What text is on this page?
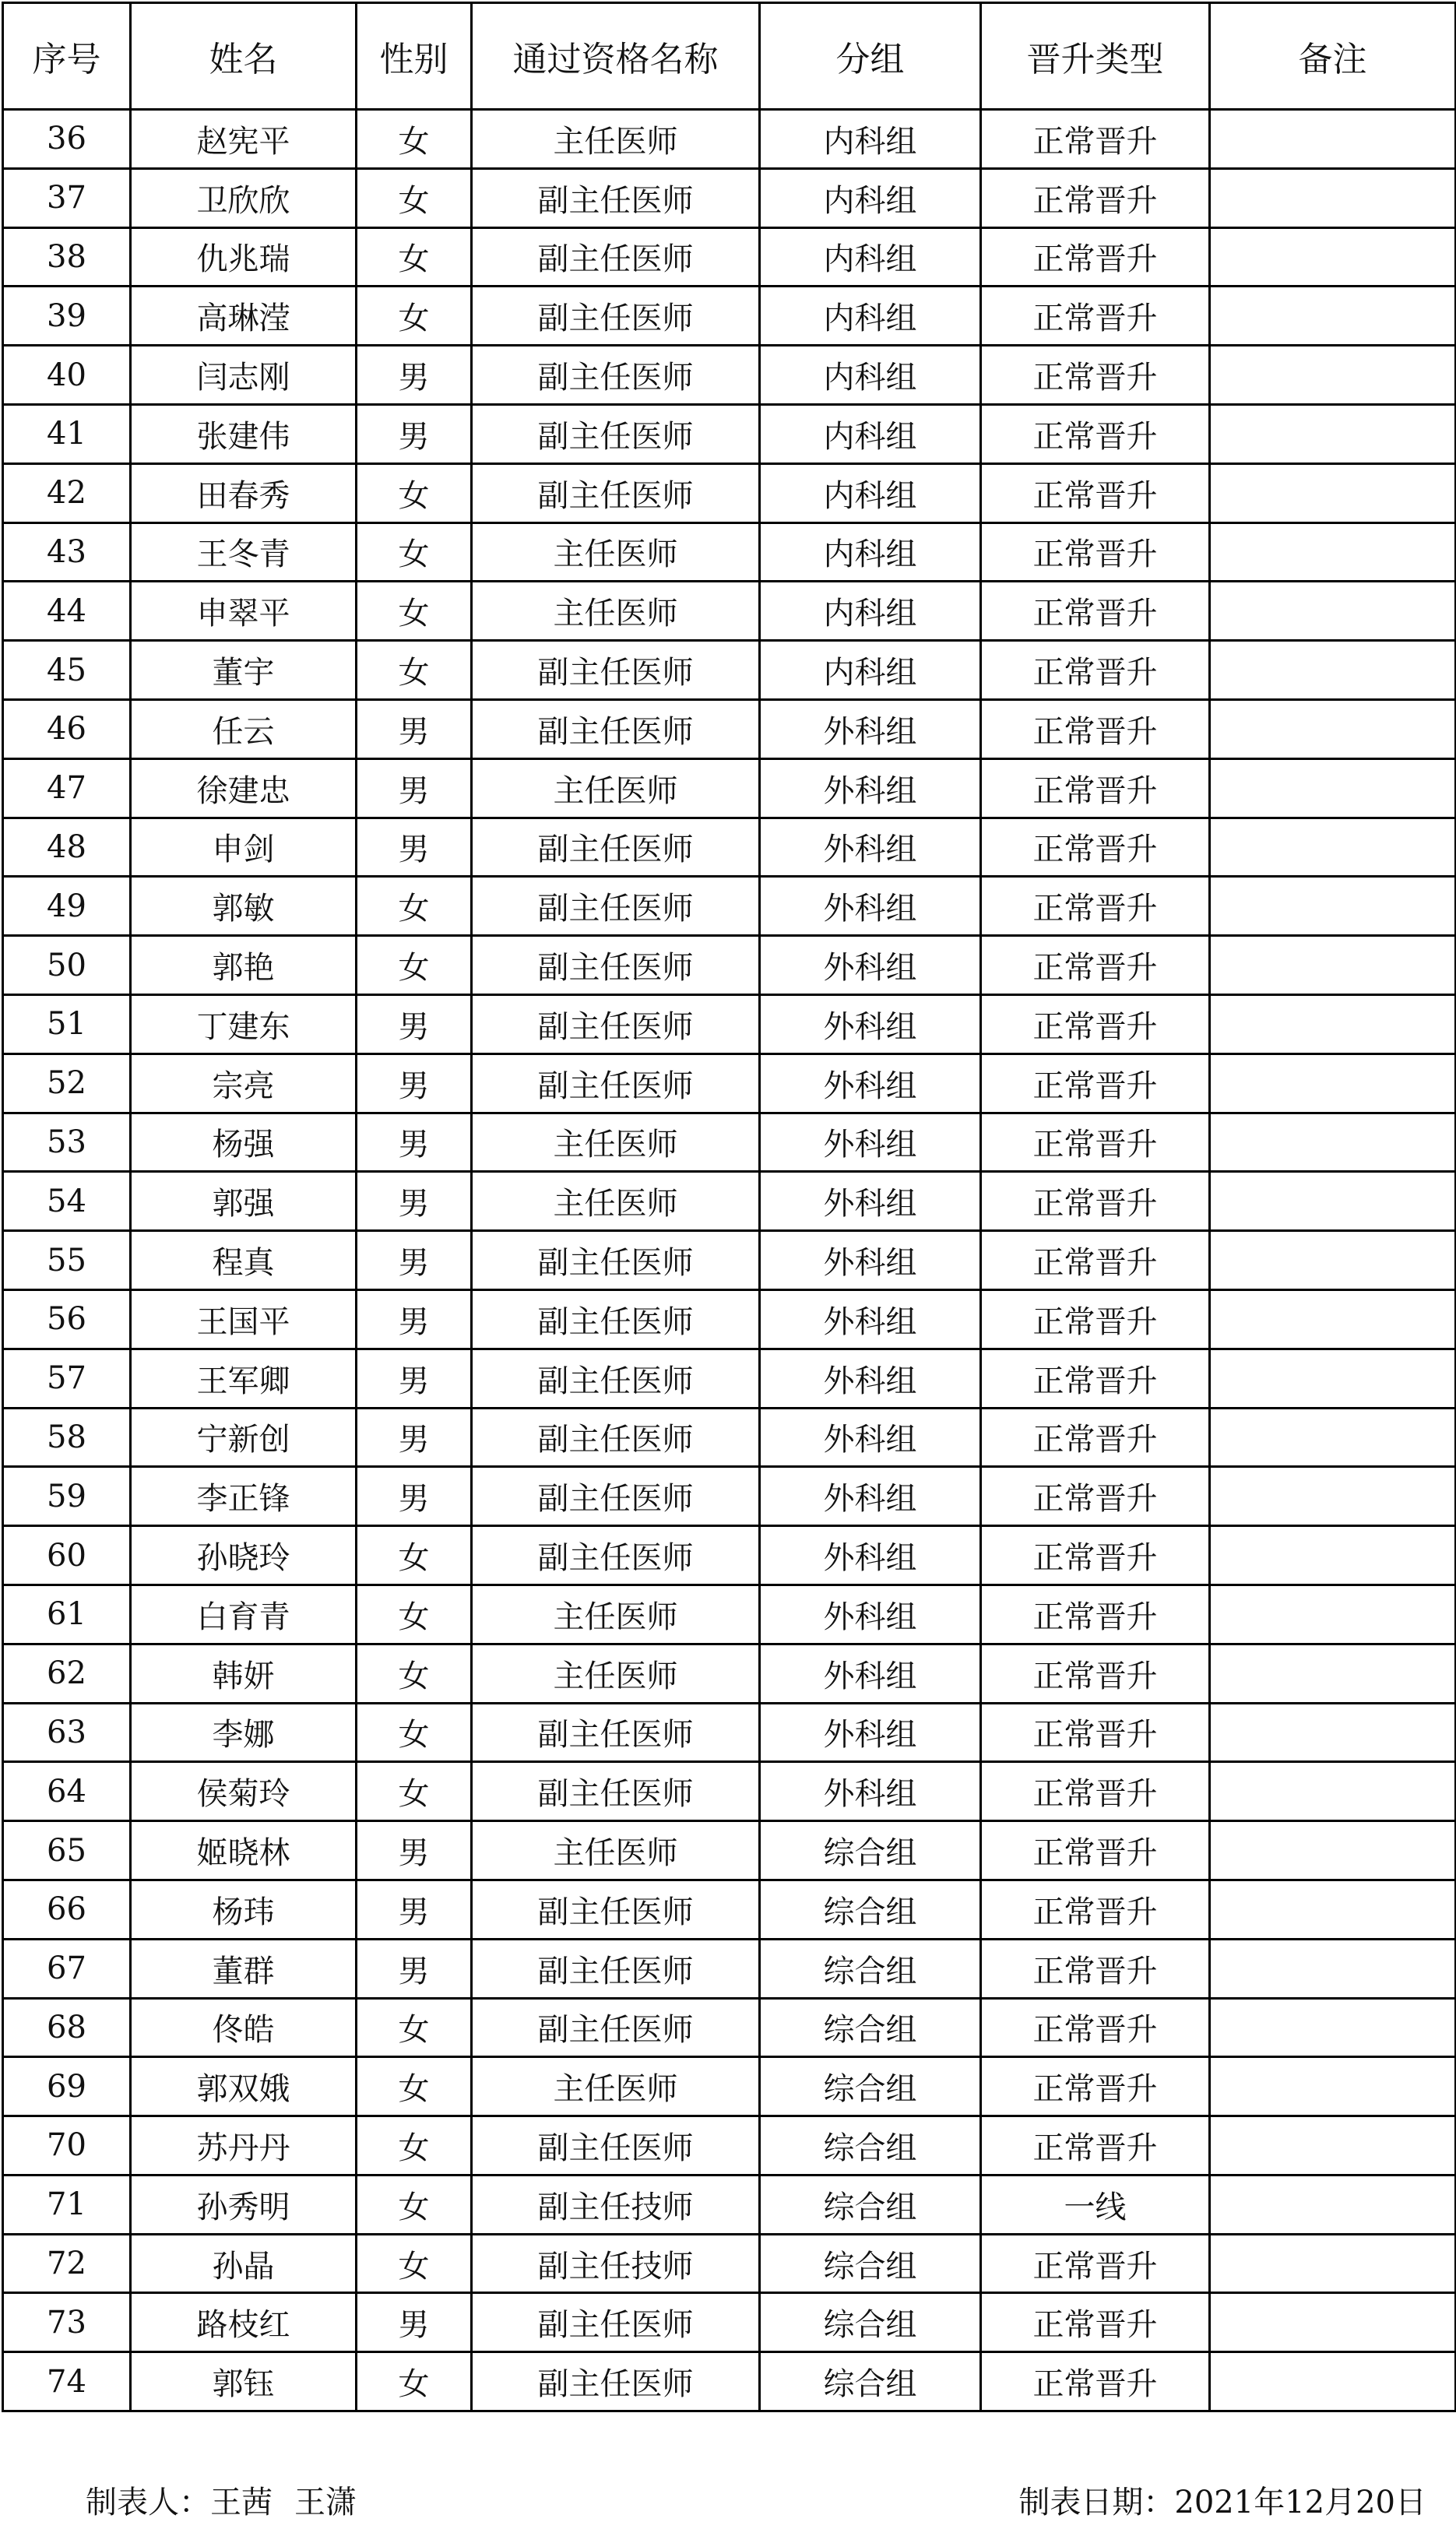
序号	姓名	性别	通过资格名称	分组	晋升类型	备注
36	赵宪平	女	主任医师	内科组	正常晋升	
37	卫欣欣	女	副主任医师	内科组	正常晋升	
38	仇兆瑞	女	副主任医师	内科组	正常晋升	
39	高琳滢	女	副主任医师	内科组	正常晋升	
40	闫志刚	男	副主任医师	内科组	正常晋升	
41	张建伟	男	副主任医师	内科组	正常晋升	
42	田春秀	女	副主任医师	内科组	正常晋升	
43	王冬青	女	主任医师	内科组	正常晋升	
44	申翠平	女	主任医师	内科组	正常晋升	
45	董宇	女	副主任医师	内科组	正常晋升	
46	任云	男	副主任医师	外科组	正常晋升	
47	徐建忠	男	主任医师	外科组	正常晋升	
48	申剑	男	副主任医师	外科组	正常晋升	
49	郭敏	女	副主任医师	外科组	正常晋升	
50	郭艳	女	副主任医师	外科组	正常晋升	
51	丁建东	男	副主任医师	外科组	正常晋升	
52	宗亮	男	副主任医师	外科组	正常晋升	
53	杨强	男	主任医师	外科组	正常晋升	
54	郭强	男	主任医师	外科组	正常晋升	
55	程真	男	副主任医师	外科组	正常晋升	
56	王国平	男	副主任医师	外科组	正常晋升	
57	王军卿	男	副主任医师	外科组	正常晋升	
58	宁新创	男	副主任医师	外科组	正常晋升	
59	李正锋	男	副主任医师	外科组	正常晋升	
60	孙晓玲	女	副主任医师	外科组	正常晋升	
61	白育青	女	主任医师	外科组	正常晋升	
62	韩妍	女	主任医师	外科组	正常晋升	
63	李娜	女	副主任医师	外科组	正常晋升	
64	侯菊玲	女	副主任医师	外科组	正常晋升	
65	姬晓林	男	主任医师	综合组	正常晋升	
66	杨玮	男	副主任医师	综合组	正常晋升	
67	董群	男	副主任医师	综合组	正常晋升	
68	佟皓	女	副主任医师	综合组	正常晋升	
69	郭双娥	女	主任医师	综合组	正常晋升	
70	苏丹丹	女	副主任医师	综合组	正常晋升	
71	孙秀明	女	副主任技师	综合组	一线	
72	孙晶	女	副主任技师	综合组	正常晋升	
73	路枝红	男	副主任医师	综合组	正常晋升	
74	郭钰	女	副主任医师	综合组	正常晋升	
制表人：王茜 王潇	制表日期：2021年12月20日
